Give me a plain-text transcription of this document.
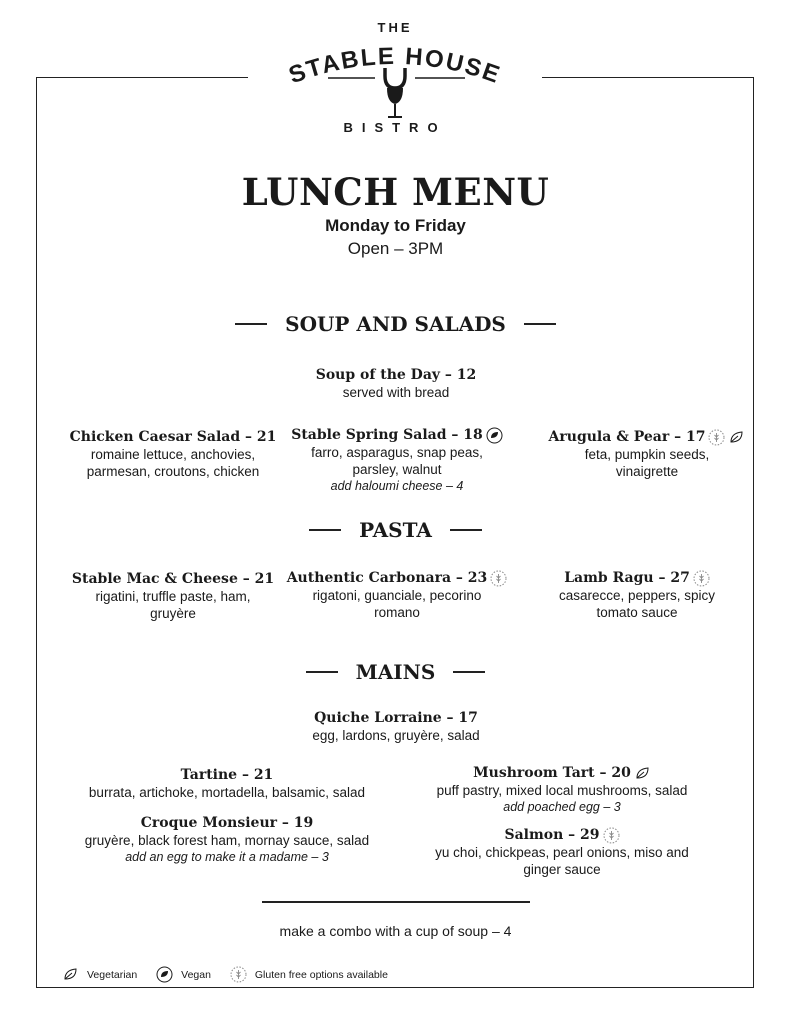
THE
STABLE HOUSE
BISTRO
LUNCH MENU
Monday to Friday
Open – 3PM
SOUP AND SALADS
Soup of the Day – 12
served with bread
Chicken Caesar Salad – 21
romaine lettuce, anchovies,
parmesan, croutons, chicken
Stable Spring Salad – 18
farro, asparagus, snap peas,
parsley, walnut
add haloumi cheese – 4
Arugula & Pear – 17
feta, pumpkin seeds,
vinaigrette
PASTA
Stable Mac & Cheese – 21
rigatini, truffle paste, ham,
gruyère
Authentic Carbonara – 23
rigatoni, guanciale, pecorino
romano
Lamb Ragu – 27
casarecce, peppers, spicy
tomato sauce
MAINS
Quiche Lorraine – 17
egg, lardons, gruyère, salad
Tartine – 21
burrata, artichoke, mortadella, balsamic, salad
Croque Monsieur – 19
gruyère, black forest ham, mornay sauce, salad
add an egg to make it a madame – 3
Mushroom Tart – 20
puff pastry, mixed local mushrooms, salad
add poached egg – 3
Salmon – 29
yu choi, chickpeas, pearl onions, miso and
ginger sauce
make a combo with a cup of soup – 4
Vegetarian
	Vegan
	Gluten free options available
